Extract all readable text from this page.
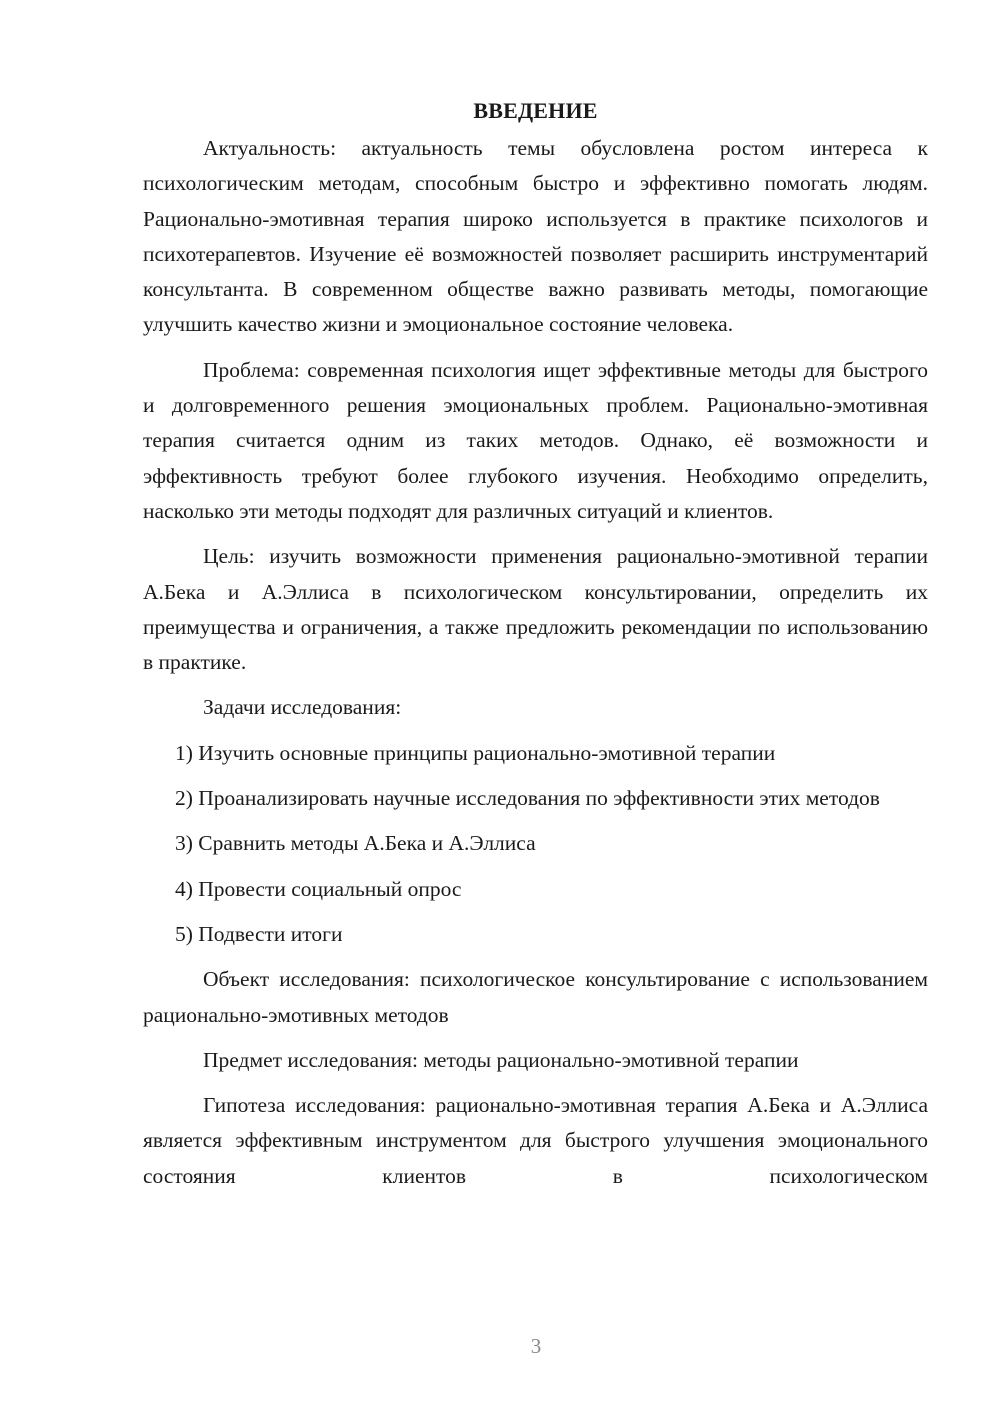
ВВЕДЕНИЕ

Актуальность: актуальность темы обусловлена ростом интереса к психологическим методам, способным быстро и эффективно помогать людям. Рационально-эмотивная терапия широко используется в практике психологов и психотерапевтов. Изучение её возможностей позволяет расширить инструментарий консультанта. В современном обществе важно развивать методы, помогающие улучшить качество жизни и эмоциональное состояние человека.

Проблема: современная психология ищет эффективные методы для быстрого и долговременного решения эмоциональных проблем. Рационально-эмотивная терапия считается одним из таких методов. Однако, её возможности и эффективность требуют более глубокого изучения. Необходимо определить, насколько эти методы подходят для различных ситуаций и клиентов.

Цель: изучить возможности применения рационально-эмотивной терапии А.Бека и А.Эллиса в психологическом консультировании, определить их преимущества и ограничения, а также предложить рекомендации по использованию в практике.

Задачи исследования:

1) Изучить основные принципы рационально-эмотивной терапии

2) Проанализировать научные исследования по эффективности этих методов

3) Сравнить методы А.Бека и А.Эллиса

4) Провести социальный опрос

5) Подвести итоги

Объект исследования: психологическое консультирование с использованием рационально-эмотивных методов

Предмет исследования: методы рационально-эмотивной терапии

Гипотеза исследования: рационально-эмотивная терапия А.Бека и А.Эллиса является эффективным инструментом для быстрого улучшения эмоционального состояния клиентов в психологическом

3
